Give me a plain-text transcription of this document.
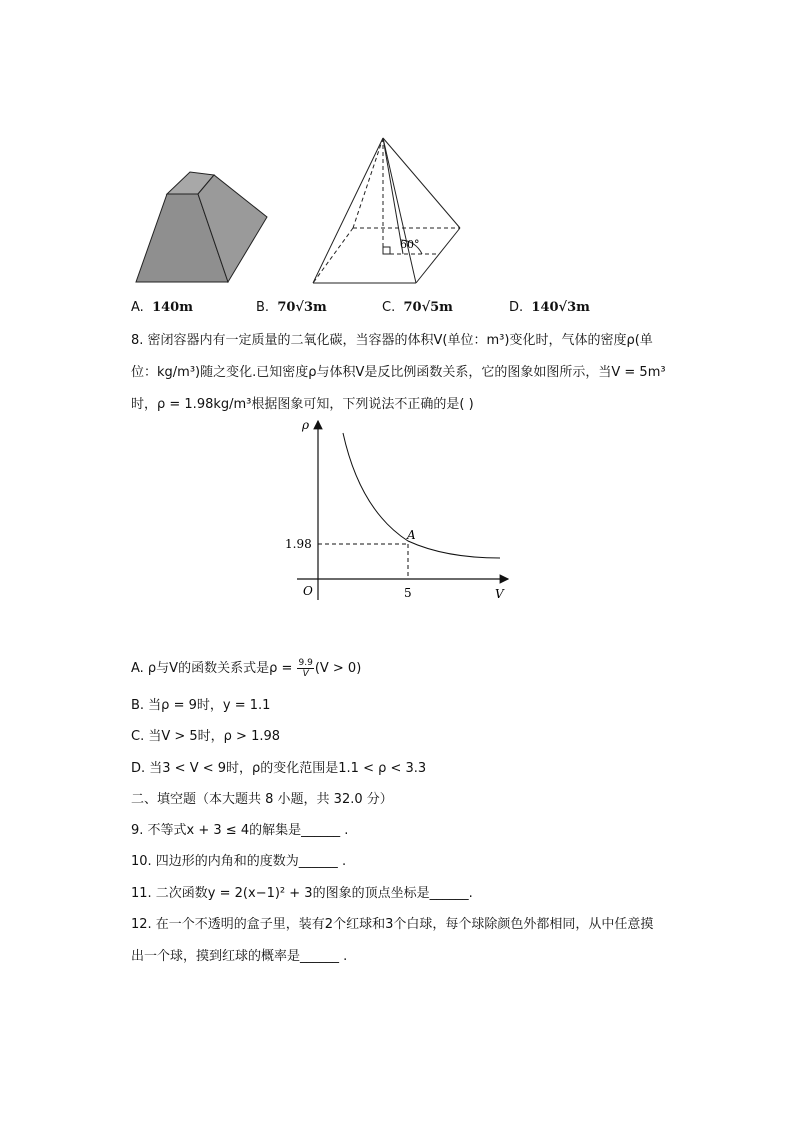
60°
A. 140m	B. 70√3m	C. 70√5m	D. 140√3m
8. 密闭容器内有一定质量的二氧化碳，当容器的体积V(单位：m³)变化时，气体的密度ρ(单
位：kg/m³)随之变化.已知密度ρ与体积V是反比例函数关系，它的图象如图所示，当V = 5m³
时，ρ = 1.98kg/m³根据图象可知，下列说法不正确的是( )
ρ
V
O
A
1.98
5
A. ρ与V的函数关系式是$\rho = \frac{9.9}{V} (V > 0)$
B. 当ρ = 9时，y = 1.1
C. 当V > 5时，ρ > 1.98
D. 当3 < V < 9时，ρ的变化范围是1.1 < ρ < 3.3
二、填空题（本大题共 8 小题，共 32.0 分）
9. 不等式x + 3 ≤ 4的解集是______ .
10. 四边形的内角和的度数为______ .
11. 二次函数y = 2(x−1)² + 3的图象的顶点坐标是______.
12. 在一个不透明的盒子里，装有2个红球和3个白球，每个球除颜色外都相同，从中任意摸
出一个球，摸到红球的概率是______ .
